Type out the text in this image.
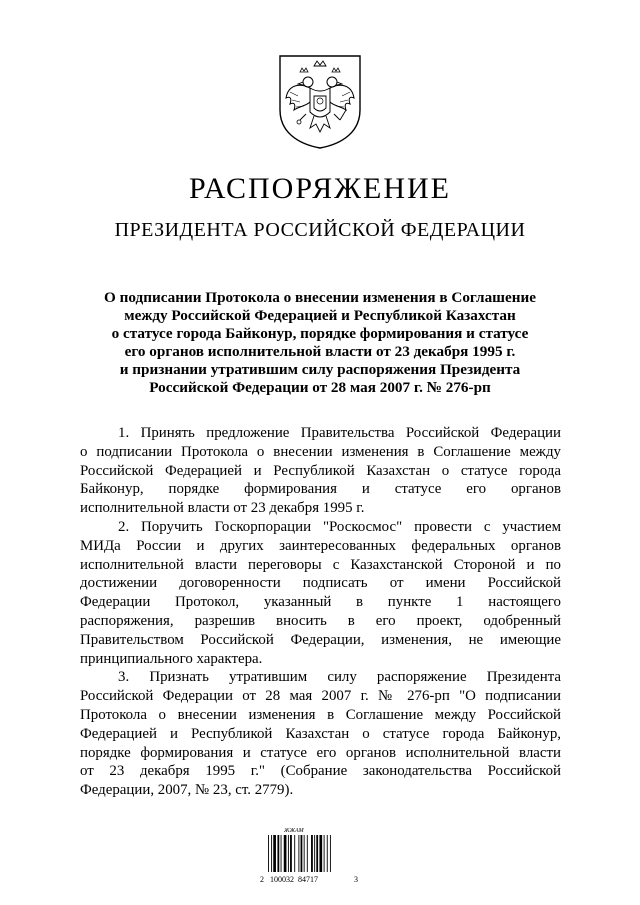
РАСПОРЯЖЕНИЕ
ПРЕЗИДЕНТА РОССИЙСКОЙ ФЕДЕРАЦИИ
О подписании Протокола о внесении изменения в Соглашение
между Российской Федерацией и Республикой Казахстан
о статусе города Байконур, порядке формирования и статусе
его органов исполнительной власти от 23 декабря 1995 г.
и признании утратившим силу распоряжения Президента
Российской Федерации от 28 мая 2007 г. № 276-рп
1. Принять предложение Правительства Российской Федерации
о подписании Протокола о внесении изменения в Соглашение между
Российской Федерацией и Республикой Казахстан о статусе города
Байконур, порядке формирования и статусе его органов
исполнительной власти от 23 декабря 1995 г.
2. Поручить Госкорпорации "Роскосмос" провести с участием
МИДа России и других заинтересованных федеральных органов
исполнительной власти переговоры с Казахстанской Стороной и по
достижении договоренности подписать от имени Российской
Федерации Протокол, указанный в пункте 1 настоящего
распоряжения, разрешив вносить в его проект, одобренный
Правительством Российской Федерации, изменения, не имеющие
принципиального характера.
3. Признать утратившим силу распоряжение Президента
Российской Федерации от 28 мая 2007 г. № 276-рп "О подписании
Протокола о внесении изменения в Соглашение между Российской
Федерацией и Республикой Казахстан о статусе города Байконур,
порядке формирования и статусе его органов исполнительной власти
от 23 декабря 1995 г." (Собрание законодательства Российской
Федерации, 2007, № 23, ст. 2779).
ЖЖАМ
2 100032  84717	3
